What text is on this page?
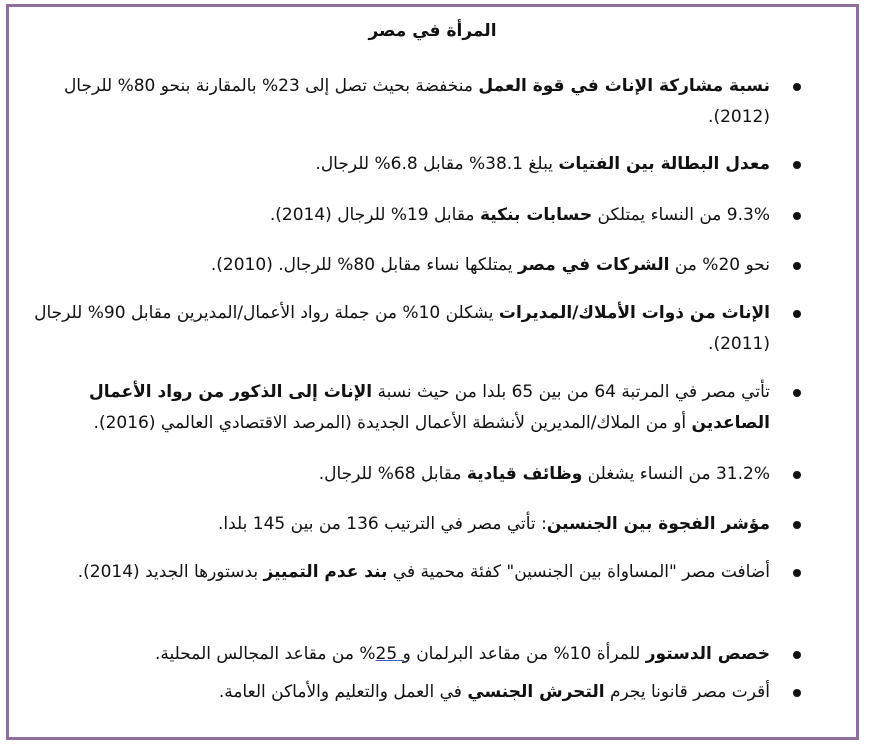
المرأة في مصر
نسبة مشاركة الإناث في قوة العمل منخفضة بحيث تصل إلى 23% بالمقارنة بنحو 80% للرجال (2012).
معدل البطالة بين الفتيات يبلغ 38.1% مقابل 6.8% للرجال.
9.3% من النساء يمتلكن حسابات بنكية مقابل 19% للرجال (2014).
نحو 20% من الشركات في مصر يمتلكها نساء مقابل 80% للرجال. (2010).
الإناث من ذوات الأملاك/المديرات يشكلن 10% من جملة رواد الأعمال/المديرين مقابل 90% للرجال (2011).
تأتي مصر في المرتبة 64 من بين 65 بلدا من حيث نسبة الإناث إلى الذكور من رواد الأعمال الصاعدين أو من الملاك/المديرين لأنشطة الأعمال الجديدة (المرصد الاقتصادي العالمي (2016).
31.2% من النساء يشغلن وظائف قيادية مقابل 68% للرجال.
مؤشر الفجوة بين الجنسين: تأتي مصر في الترتيب 136 من بين 145 بلدا.
أضافت مصر "المساواة بين الجنسين" كفئة محمية في بند عدم التمييز بدستورها الجديد (2014).
خصص الدستور للمرأة 10% من مقاعد البرلمان و 25% من مقاعد المجالس المحلية.
أقرت مصر قانونا يجرم التحرش الجنسي في العمل والتعليم والأماكن العامة.
